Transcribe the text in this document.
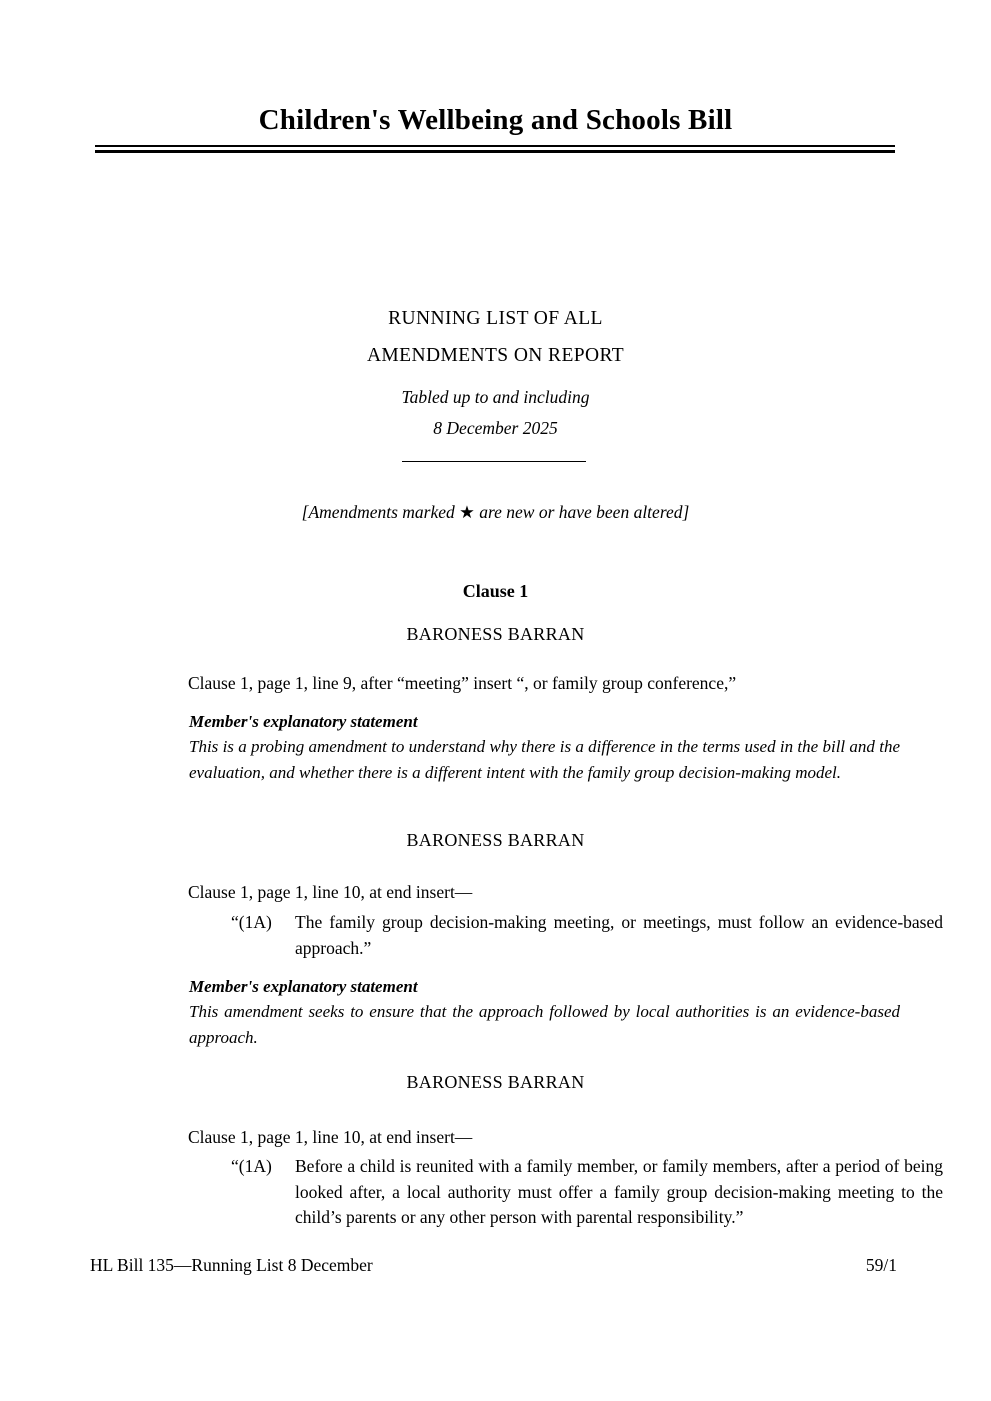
Children's Wellbeing and Schools Bill
RUNNING LIST OF ALL
AMENDMENTS ON REPORT
Tabled up to and including
8 December 2025
[Amendments marked ★ are new or have been altered]
Clause 1
BARONESS BARRAN
Clause 1, page 1, line 9, after “meeting” insert “, or family group conference,”
Member's explanatory statement
This is a probing amendment to understand why there is a difference in the terms used in the bill and the evaluation, and whether there is a different intent with the family group decision-making model.
BARONESS BARRAN
Clause 1, page 1, line 10, at end insert—
“(1A)	The family group decision-making meeting, or meetings, must follow an evidence-based approach.”
Member's explanatory statement
This amendment seeks to ensure that the approach followed by local authorities is an evidence-based approach.
BARONESS BARRAN
Clause 1, page 1, line 10, at end insert—
“(1A)	Before a child is reunited with a family member, or family members, after a period of being looked after, a local authority must offer a family group decision-making meeting to the child’s parents or any other person with parental responsibility.”
HL Bill 135—Running List 8 December	59/1
